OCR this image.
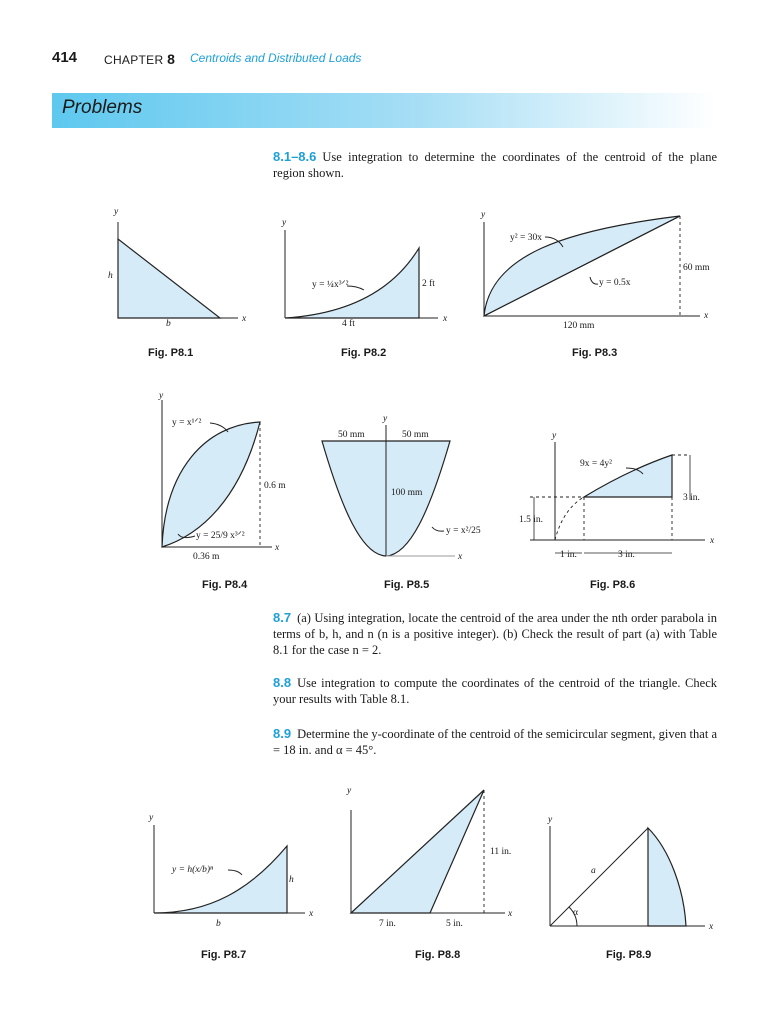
414 CHAPTER 8 Centroids and Distributed Loads
Problems
8.1–8.6 Use integration to determine the coordinates of the centroid of the plane region shown.
8.7 (a) Using integration, locate the centroid of the area under the nth order parabola in terms of b, h, and n (n is a positive integer). (b) Check the result of part (a) with Table 8.1 for the case n = 2.
8.8 Use integration to compute the coordinates of the centroid of the triangle. Check your results with Table 8.1.
8.9 Determine the y-coordinate of the centroid of the semicircular segment, given that a = 18 in. and α = 45°.
y
x
h
b
y
x
y = ¼x³ᐟ²	2 ft
4 ft
y
x
y² = 30x
y = 0.5x
60 mm
120 mm
y
x
y = x¹ᐟ²
y = 25/9 x³ᐟ²
0.6 m
0.36 m
y
x
50 mm	50 mm
100 mm
y = x²/25
y
x
9x = 4y²
3 in.
1.5 in.
1 in.	3 in.
y
x
y = h(x/b)ⁿ
h
b
y
x
11 in.
7 in.	5 in.
y
x
a
α
Fig. P8.1	Fig. P8.2	Fig. P8.3
Fig. P8.4	Fig. P8.5	Fig. P8.6
Fig. P8.7	Fig. P8.8	Fig. P8.9
